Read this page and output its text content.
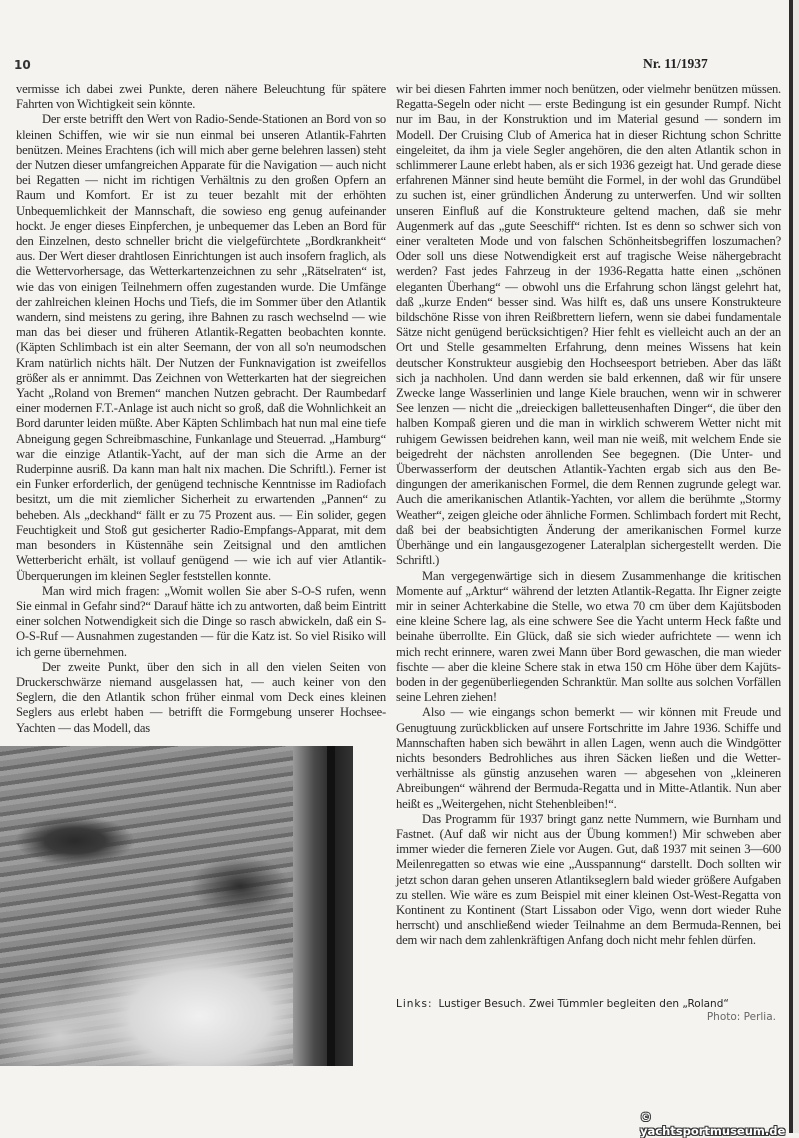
10	Nr. 11/1937

vermisse ich dabei zwei Punkte, deren nähere Beleuchtung für spätere Fahrten von Wichtigkeit sein könnte.

Der erste betrifft den Wert von Radio-Sende-Stationen an Bord von so kleinen Schiffen, wie wir sie nun einmal bei unseren Atlantik-Fahrten benützen. Meines Erachtens (ich will mich aber gerne belehren lassen) steht der Nutzen dieser umfangreichen Apparate für die Navigation — auch nicht bei Regatten — nicht im richtigen Verhältnis zu den großen Opfern an Raum und Komfort. Er ist zu teuer bezahlt mit der erhöhten Unbequemlichkeit der Mannschaft, die sowieso eng genug aufeinander hockt. Je enger dieses Einpferchen, je unbequemer das Leben an Bord für den Einzelnen, desto schneller bricht die vielgefürchtete „Bordkrankheit“ aus. Der Wert dieser drahtlosen Einrichtungen ist auch insofern fraglich, als die Wettervorhersage, das Wetterkartenzeichnen zu sehr „Rätselraten“ ist, wie das von einigen Teilnehmern offen zugestanden wurde. Die Umfänge der zahlreichen kleinen Hochs und Tiefs, die im Sommer über den Atlantik wandern, sind meistens zu gering, ihre Bahnen zu rasch wechselnd — wie man das bei dieser und früheren Atlantik-Regatten beobachten konnte. (Käpten Schlimbach ist ein alter Seemann, der von all so'n neumodschen Kram natürlich nichts hält. Der Nutzen der Funknavigation ist zweifellos größer als er annimmt. Das Zeichnen von Wetterkarten hat der siegreichen Yacht „Roland von Bremen“ manchen Nutzen gebracht. Der Raumbedarf einer modernen F.T.-Anlage ist auch nicht so groß, daß die Wohnlichkeit an Bord darunter leiden müßte. Aber Käpten Schlimbach hat nun mal eine tiefe Abneigung gegen Schreibmaschine, Funkanlage und Steuerrad. „Hamburg“ war die einzige Atlantik-Yacht, auf der man sich die Arme an der Ruderpinne ausriß. Da kann man halt nix machen. Die Schriftl.). Ferner ist ein Funker erforderlich, der genügend technische Kenntnisse im Radiofach besitzt, um die mit ziemlicher Sicherheit zu erwartenden „Pannen“ zu beheben. Als „deckhand“ fällt er zu 75 Prozent aus. — Ein solider, gegen Feuchtigkeit und Stoß gut gesicherter Radio-Empfangs-Apparat, mit dem man besonders in Küstennähe sein Zeitsignal und den amtlichen Wetterbericht erhält, ist vollauf genügend — wie ich auf vier Atlantik-Überquerungen im kleinen Segler feststellen konnte.

Man wird mich fragen: „Womit wollen Sie aber S-O-S rufen, wenn Sie einmal in Gefahr sind?“ Darauf hätte ich zu antworten, daß beim Eintritt einer solchen Notwendigkeit sich die Dinge so rasch abwickeln, daß ein S-O-S-Ruf — Ausnahmen zugestanden — für die Katz ist. So viel Risiko will ich gerne übernehmen.

Der zweite Punkt, über den sich in all den vielen Seiten von Druckerschwärze niemand ausgelassen hat, — auch keiner von den Seglern, die den Atlantik schon früher einmal vom Deck eines kleinen Seglers aus erlebt haben — betrifft die Formgebung unserer Hochsee-Yachten — das Modell, das

wir bei diesen Fahrten immer noch benützen, oder vielmehr benützen müssen. Regatta-Segeln oder nicht — erste Bedingung ist ein gesunder Rumpf. Nicht nur im Bau, in der Konstruktion und im Material gesund — sondern im Modell. Der Cruising Club of America hat in dieser Richtung schon Schritte eingeleitet, da ihm ja viele Segler angehören, die den alten Atlantik schon in schlimmerer Laune erlebt haben, als er sich 1936 gezeigt hat. Und gerade diese erfahrenen Männer sind heute bemüht die Formel, in der wohl das Grundübel zu suchen ist, einer gründlichen Änderung zu unterwerfen. Und wir sollten unseren Einfluß auf die Konstrukteure geltend machen, daß sie mehr Augenmerk auf das „gute Seeschiff“ richten. Ist es denn so schwer sich von einer veralteten Mode und von falschen Schönheitsbegriffen loszumachen? Oder soll uns diese Notwendigkeit erst auf tragische Weise nähergebracht werden? Fast jedes Fahrzeug in der 1936-Regatta hatte einen „schönen eleganten Überhang“ — obwohl uns die Erfahrung schon längst gelehrt hat, daß „kurze Enden“ besser sind. Was hilft es, daß uns unsere Konstrukteure bildschöne Risse von ihren Reißbrettern liefern, wenn sie dabei fundamentale Sätze nicht genügend berücksichtigen? Hier fehlt es vielleicht auch an der an Ort und Stelle gesammelten Erfahrung, denn meines Wissens hat kein deutscher Konstrukteur ausgiebig den Hochseesport betrieben. Aber das läßt sich ja nachholen. Und dann werden sie bald erkennen, daß wir für unsere Zwecke lange Wasserlinien und lange Kiele brauchen, wenn wir in schwerer See lenzen — nicht die „dreieckigen balletteusenhaften Dinger“, die über den halben Kompaß gieren und die man in wirklich schwerem Wetter nicht mit ruhigem Gewissen beidrehen kann, weil man nie weiß, mit welchem Ende sie beigedreht der nächsten anrollenden See begegnen. (Die Unter- und Überwasserform der deutschen Atlantik-Yachten ergab sich aus den Bedingungen der amerikanischen Formel, die dem Rennen zugrunde gelegt war. Auch die amerikanischen Atlantik-Yachten, vor allem die berühmte „Stormy Weather“, zeigen gleiche oder ähnliche Formen. Schlimbach fordert mit Recht, daß bei der beabsichtigten Änderung der amerikanischen Formel kurze Überhänge und ein langausgezogener Lateralplan sichergestellt werden. Die Schriftl.)

Man vergegenwärtige sich in diesem Zusammenhange die kritischen Momente auf „Arktur“ während der letzten Atlantik-Regatta. Ihr Eigner zeigte mir in seiner Achterkabine die Stelle, wo etwa 70 cm über dem Kajütsboden eine kleine Schere lag, als eine schwere See die Yacht unterm Heck faßte und beinahe überrollte. Ein Glück, daß sie sich wieder aufrichtete — wenn ich mich recht erinnere, waren zwei Mann über Bord gewaschen, die man wieder fischte — aber die kleine Schere stak in etwa 150 cm Höhe über dem Kajütsboden in der gegenüberliegenden Schranktür. Man sollte aus solchen Vorfällen seine Lehren ziehen!

Also — wie eingangs schon bemerkt — wir können mit Freude und Genugtuung zurückblicken auf unsere Fortschritte im Jahre 1936. Schiffe und Mannschaften haben sich bewährt in allen Lagen, wenn auch die Windgötter nichts besonders Bedrohliches aus ihren Säcken ließen und die Wetterverhältnisse als günstig anzusehen waren — abgesehen von „kleineren Abreibungen“ während der Bermuda-Regatta und in Mitte-Atlantik. Nun aber heißt es „Weitergehen, nicht Stehenbleiben!“.

Das Programm für 1937 bringt ganz nette Nummern, wie Burnham und Fastnet. (Auf daß wir nicht aus der Übung kommen!) Mir schweben aber immer wieder die ferneren Ziele vor Augen. Gut, daß 1937 mit seinen 3—600 Meilenregatten so etwas wie eine „Ausspannung“ darstellt. Doch sollten wir jetzt schon daran gehen unseren Atlantikseglern bald wieder größere Aufgaben zu stellen. Wie wäre es zum Beispiel mit einer kleinen Ost-West-Regatta von Kontinent zu Kontinent (Start Lissabon oder Vigo, wenn dort wieder Ruhe herrscht) und anschließend wieder Teilnahme an dem Bermuda-Rennen, bei dem wir nach dem zahlenkräftigen Anfang doch nicht mehr fehlen dürfen.

Links: Lustiger Besuch. Zwei Tümmler begleiten den „Roland“
Photo: Perlia.
© yachtsportmuseum.de
